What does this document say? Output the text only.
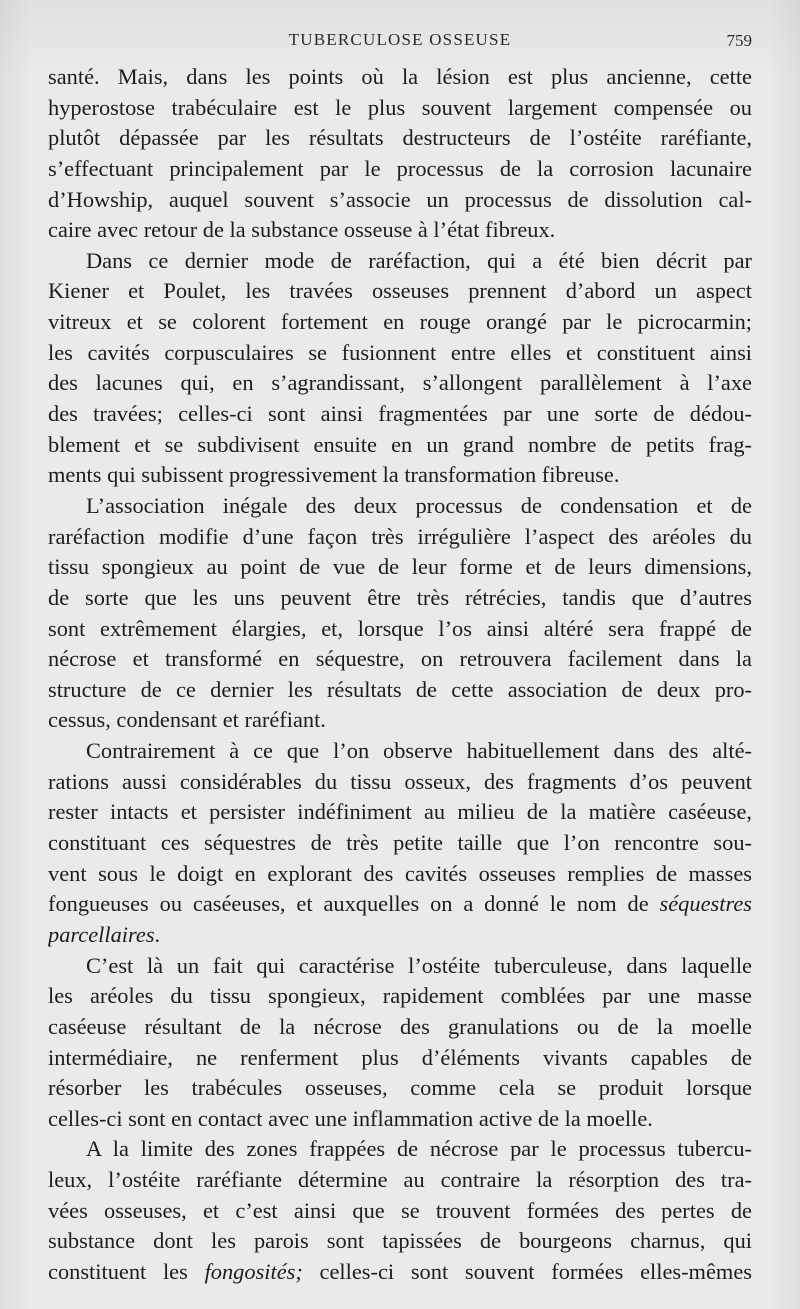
TUBERCULOSE OSSEUSE	759
santé. Mais, dans les points où la lésion est plus ancienne, cette
hyperostose trabéculaire est le plus souvent largement compensée ou
plutôt dépassée par les résultats destructeurs de l’ostéite raréfiante,
s’effectuant principalement par le processus de la corrosion lacunaire
d’Howship, auquel souvent s’associe un processus de dissolution cal-
caire avec retour de la substance osseuse à l’état fibreux.
Dans ce dernier mode de raréfaction, qui a été bien décrit par
Kiener et Poulet, les travées osseuses prennent d’abord un aspect
vitreux et se colorent fortement en rouge orangé par le picrocarmin;
les cavités corpusculaires se fusionnent entre elles et constituent ainsi
des lacunes qui, en s’agrandissant, s’allongent parallèlement à l’axe
des travées; celles-ci sont ainsi fragmentées par une sorte de dédou-
blement et se subdivisent ensuite en un grand nombre de petits frag-
ments qui subissent progressivement la transformation fibreuse.
L’association inégale des deux processus de condensation et de
raréfaction modifie d’une façon très irrégulière l’aspect des aréoles du
tissu spongieux au point de vue de leur forme et de leurs dimensions,
de sorte que les uns peuvent être très rétrécies, tandis que d’autres
sont extrêmement élargies, et, lorsque l’os ainsi altéré sera frappé de
nécrose et transformé en séquestre, on retrouvera facilement dans la
structure de ce dernier les résultats de cette association de deux pro-
cessus, condensant et raréfiant.
Contrairement à ce que l’on observe habituellement dans des alté-
rations aussi considérables du tissu osseux, des fragments d’os peuvent
rester intacts et persister indéfiniment au milieu de la matière caséeuse,
constituant ces séquestres de très petite taille que l’on rencontre sou-
vent sous le doigt en explorant des cavités osseuses remplies de masses
fongueuses ou caséeuses, et auxquelles on a donné le nom de séquestres
parcellaires.
C’est là un fait qui caractérise l’ostéite tuberculeuse, dans laquelle
les aréoles du tissu spongieux, rapidement comblées par une masse
caséeuse résultant de la nécrose des granulations ou de la moelle
intermédiaire, ne renferment plus d’éléments vivants capables de
résorber les trabécules osseuses, comme cela se produit lorsque
celles-ci sont en contact avec une inflammation active de la moelle.
A la limite des zones frappées de nécrose par le processus tubercu-
leux, l’ostéite raréfiante détermine au contraire la résorption des tra-
vées osseuses, et c’est ainsi que se trouvent formées des pertes de
substance dont les parois sont tapissées de bourgeons charnus, qui
constituent les fongosités; celles-ci sont souvent formées elles-mêmes
